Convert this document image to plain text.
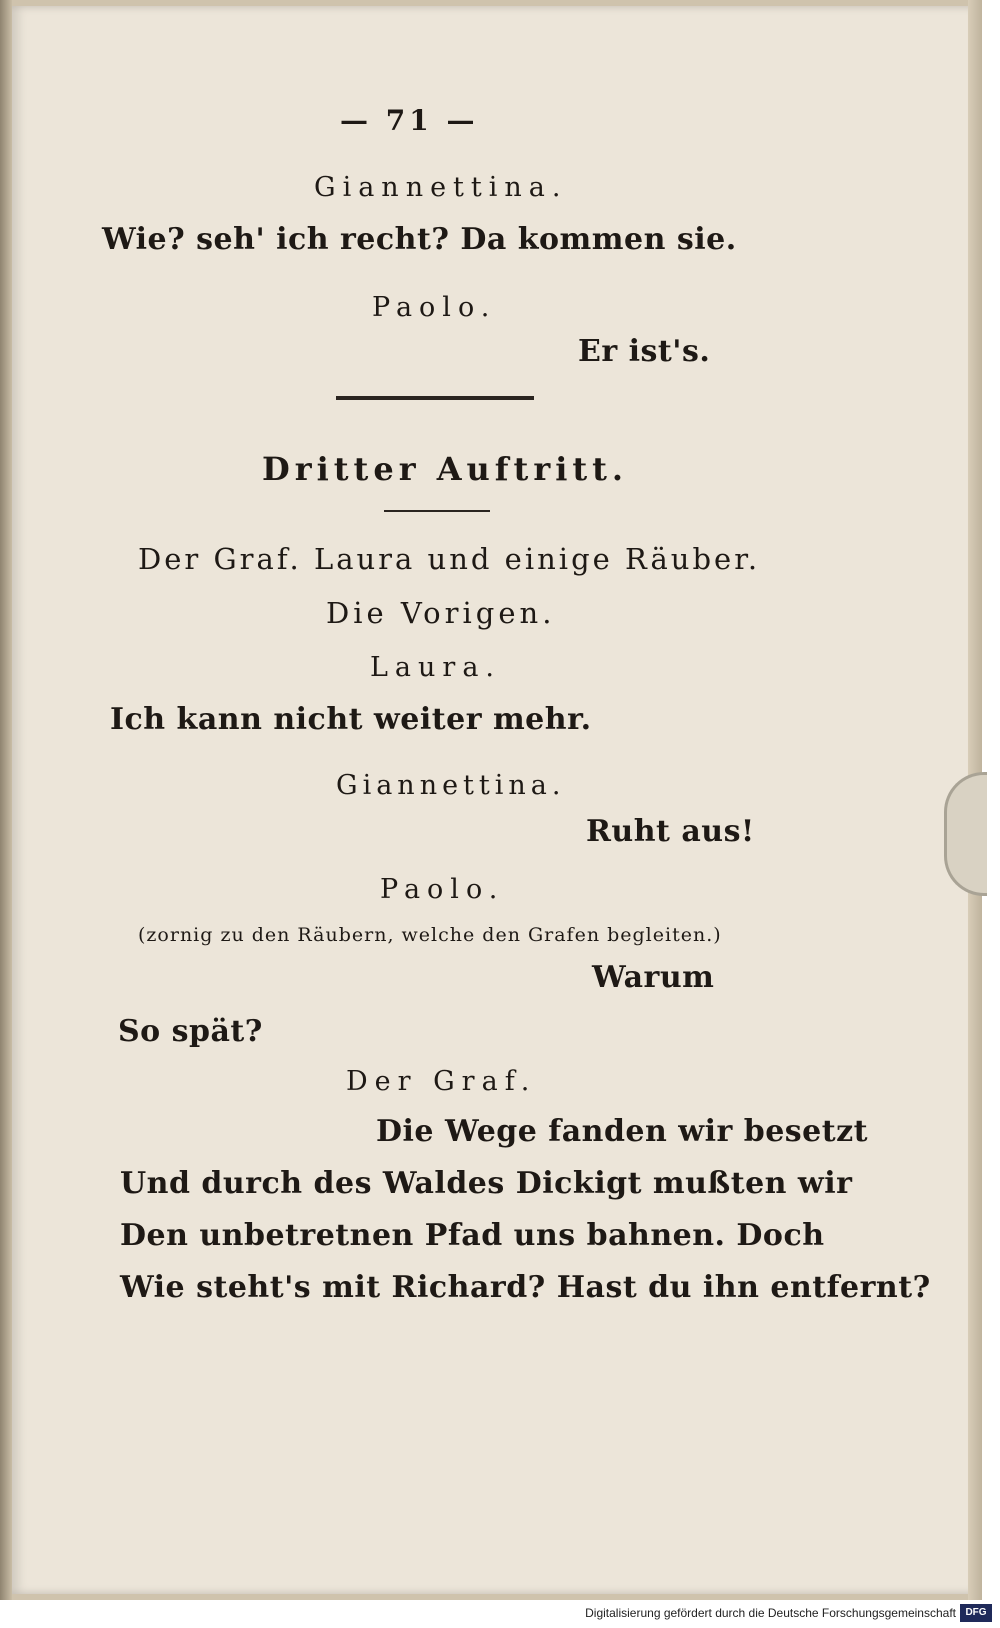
— 71 —
Giannettina.
Wie? seh' ich recht? Da kommen sie.
Paolo.
Er ist's.
Dritter Auftritt.
Der Graf. Laura und einige Räuber.
Die Vorigen.
Laura.
Ich kann nicht weiter mehr.
Giannettina.
Ruht aus!
Paolo.
(zornig zu den Räubern, welche den Grafen begleiten.)
Warum
So spät?
Der Graf.
Die Wege fanden wir besetzt
Und durch des Waldes Dickigt mußten wir
Den unbetretnen Pfad uns bahnen. Doch
Wie steht's mit Richard? Hast du ihn entfernt?
Digitalisierung gefördert durch die Deutsche Forschungsgemeinschaft DFG
